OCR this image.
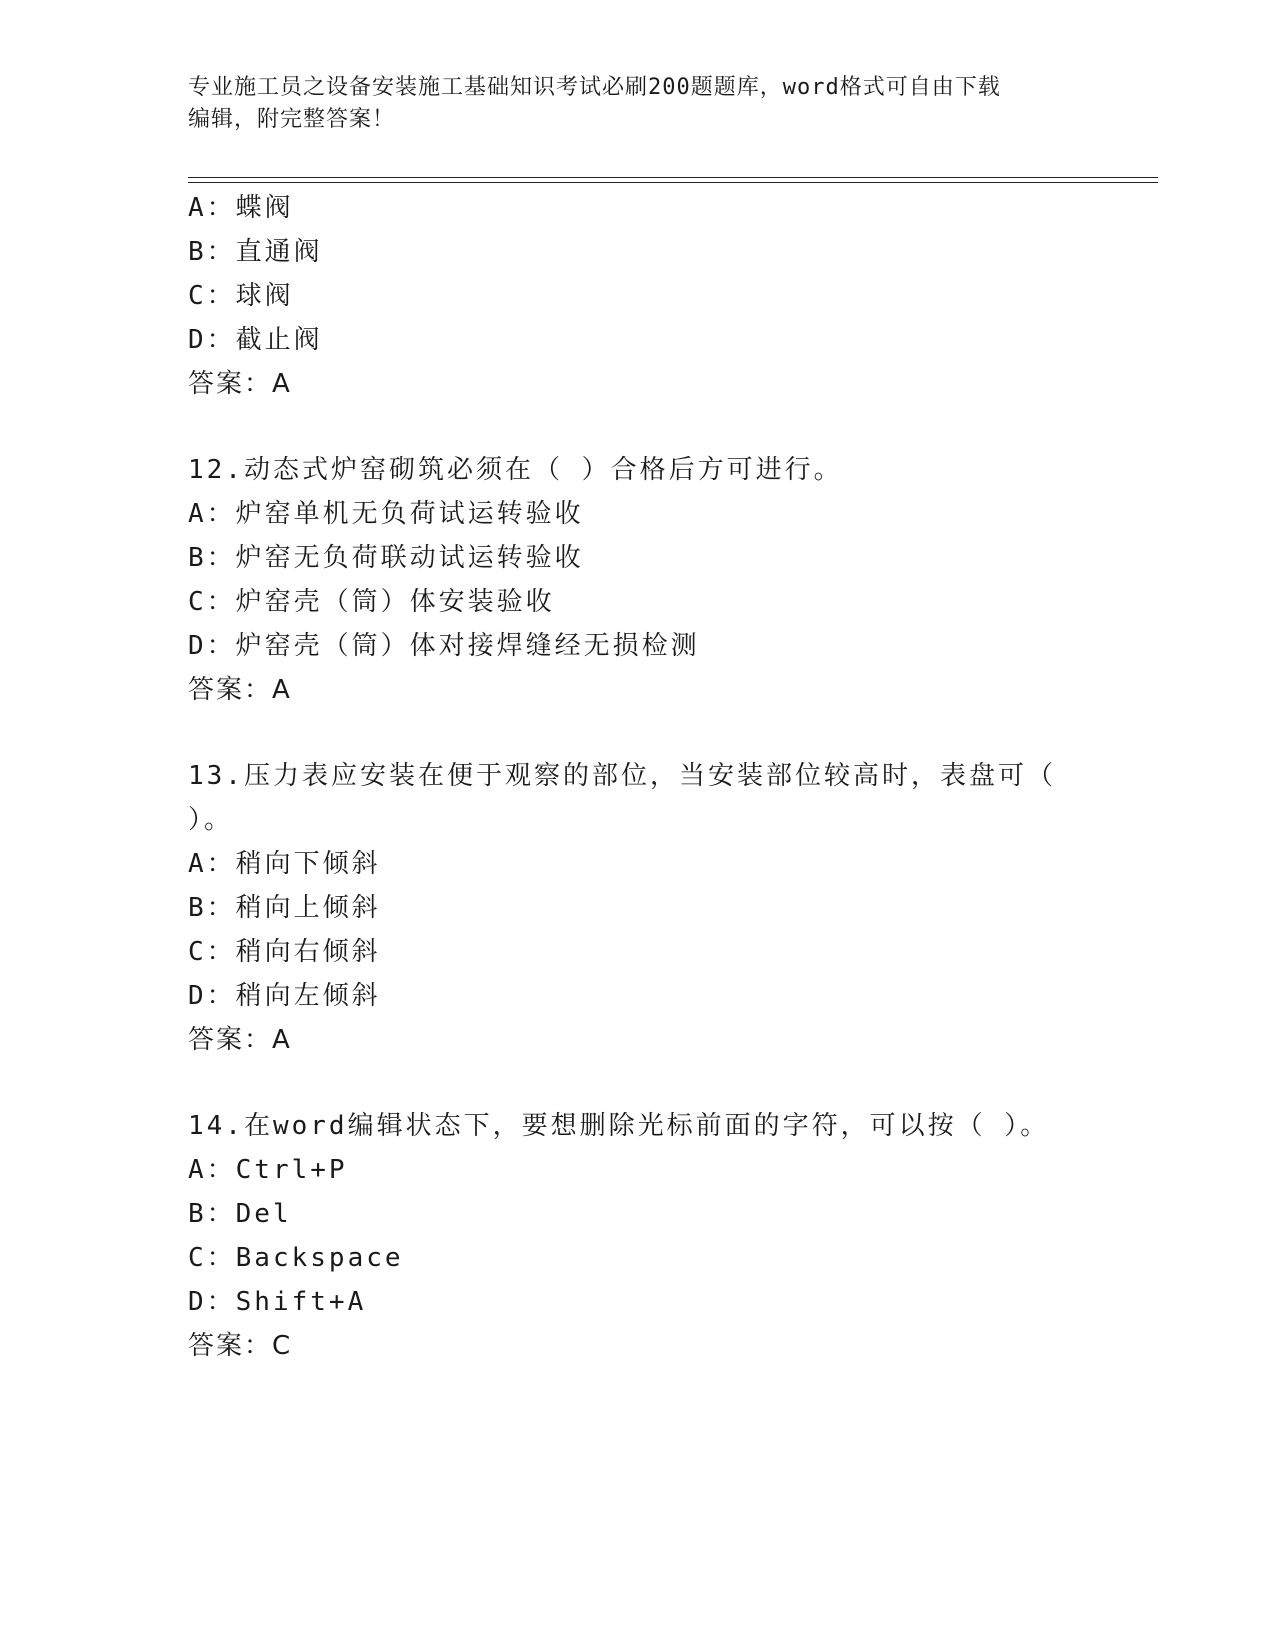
专业施工员之设备安装施工基础知识考试必刷200题题库，word格式可自由下载
编辑，附完整答案！
A：蝶阀
B：直通阀
C：球阀
D：截止阀
答案：A
12.动态式炉窑砌筑必须在（ ）合格后方可进行。
A：炉窑单机无负荷试运转验收
B：炉窑无负荷联动试运转验收
C：炉窑壳（筒）体安装验收
D：炉窑壳（筒）体对接焊缝经无损检测
答案：A
13.压力表应安装在便于观察的部位，当安装部位较高时，表盘可（
）。
A：稍向下倾斜
B：稍向上倾斜
C：稍向右倾斜
D：稍向左倾斜
答案：A
14.在word编辑状态下，要想删除光标前面的字符，可以按（ ）。
A：Ctrl+P
B：Del
C：Backspace
D：Shift+A
答案：C
